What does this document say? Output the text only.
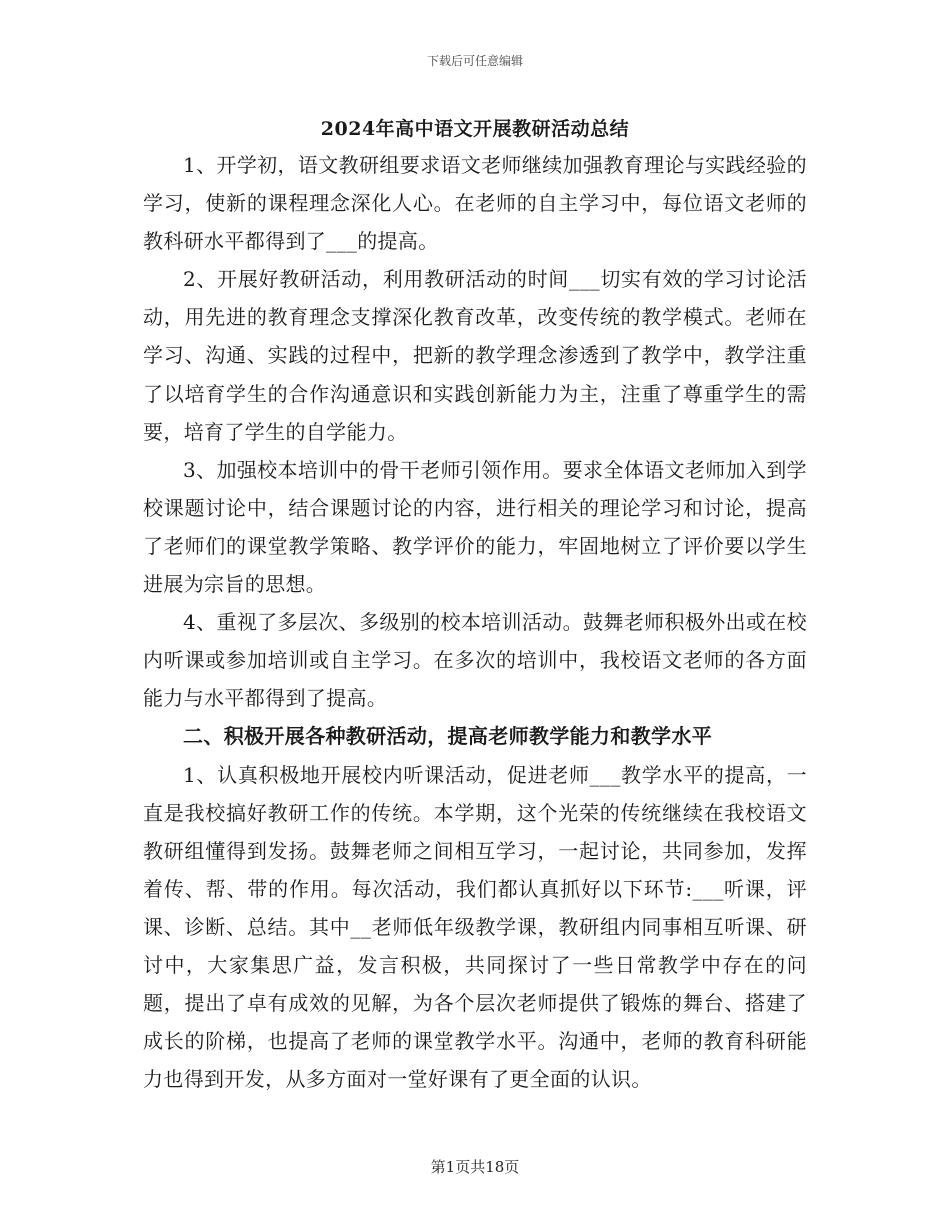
下载后可任意编辑
2024年高中语文开展教研活动总结

1、开学初，语文教研组要求语文老师继续加强教育理论与实践经验的学习，使新的课程理念深化人心。在老师的自主学习中，每位语文老师的教科研水平都得到了___的提高。

2、开展好教研活动，利用教研活动的时间___切实有效的学习讨论活动，用先进的教育理念支撑深化教育改革，改变传统的教学模式。老师在学习、沟通、实践的过程中，把新的教学理念渗透到了教学中，教学注重了以培育学生的合作沟通意识和实践创新能力为主，注重了尊重学生的需要，培育了学生的自学能力。

3、加强校本培训中的骨干老师引领作用。要求全体语文老师加入到学校课题讨论中，结合课题讨论的内容，进行相关的理论学习和讨论，提高了老师们的课堂教学策略、教学评价的能力，牢固地树立了评价要以学生进展为宗旨的思想。

4、重视了多层次、多级别的校本培训活动。鼓舞老师积极外出或在校内听课或参加培训或自主学习。在多次的培训中，我校语文老师的各方面能力与水平都得到了提高。

二、积极开展各种教研活动，提高老师教学能力和教学水平

1、认真积极地开展校内听课活动，促进老师___教学水平的提高，一直是我校搞好教研工作的传统。本学期，这个光荣的传统继续在我校语文教研组懂得到发扬。鼓舞老师之间相互学习，一起讨论，共同参加，发挥着传、帮、带的作用。每次活动，我们都认真抓好以下环节:___听课，评课、诊断、总结。其中__老师低年级教学课，教研组内同事相互听课、研讨中，大家集思广益，发言积极，共同探讨了一些日常教学中存在的问题，提出了卓有成效的见解，为各个层次老师提供了锻炼的舞台、搭建了成长的阶梯，也提高了老师的课堂教学水平。沟通中，老师的教育科研能力也得到开发，从多方面对一堂好课有了更全面的认识。

第1页共18页
